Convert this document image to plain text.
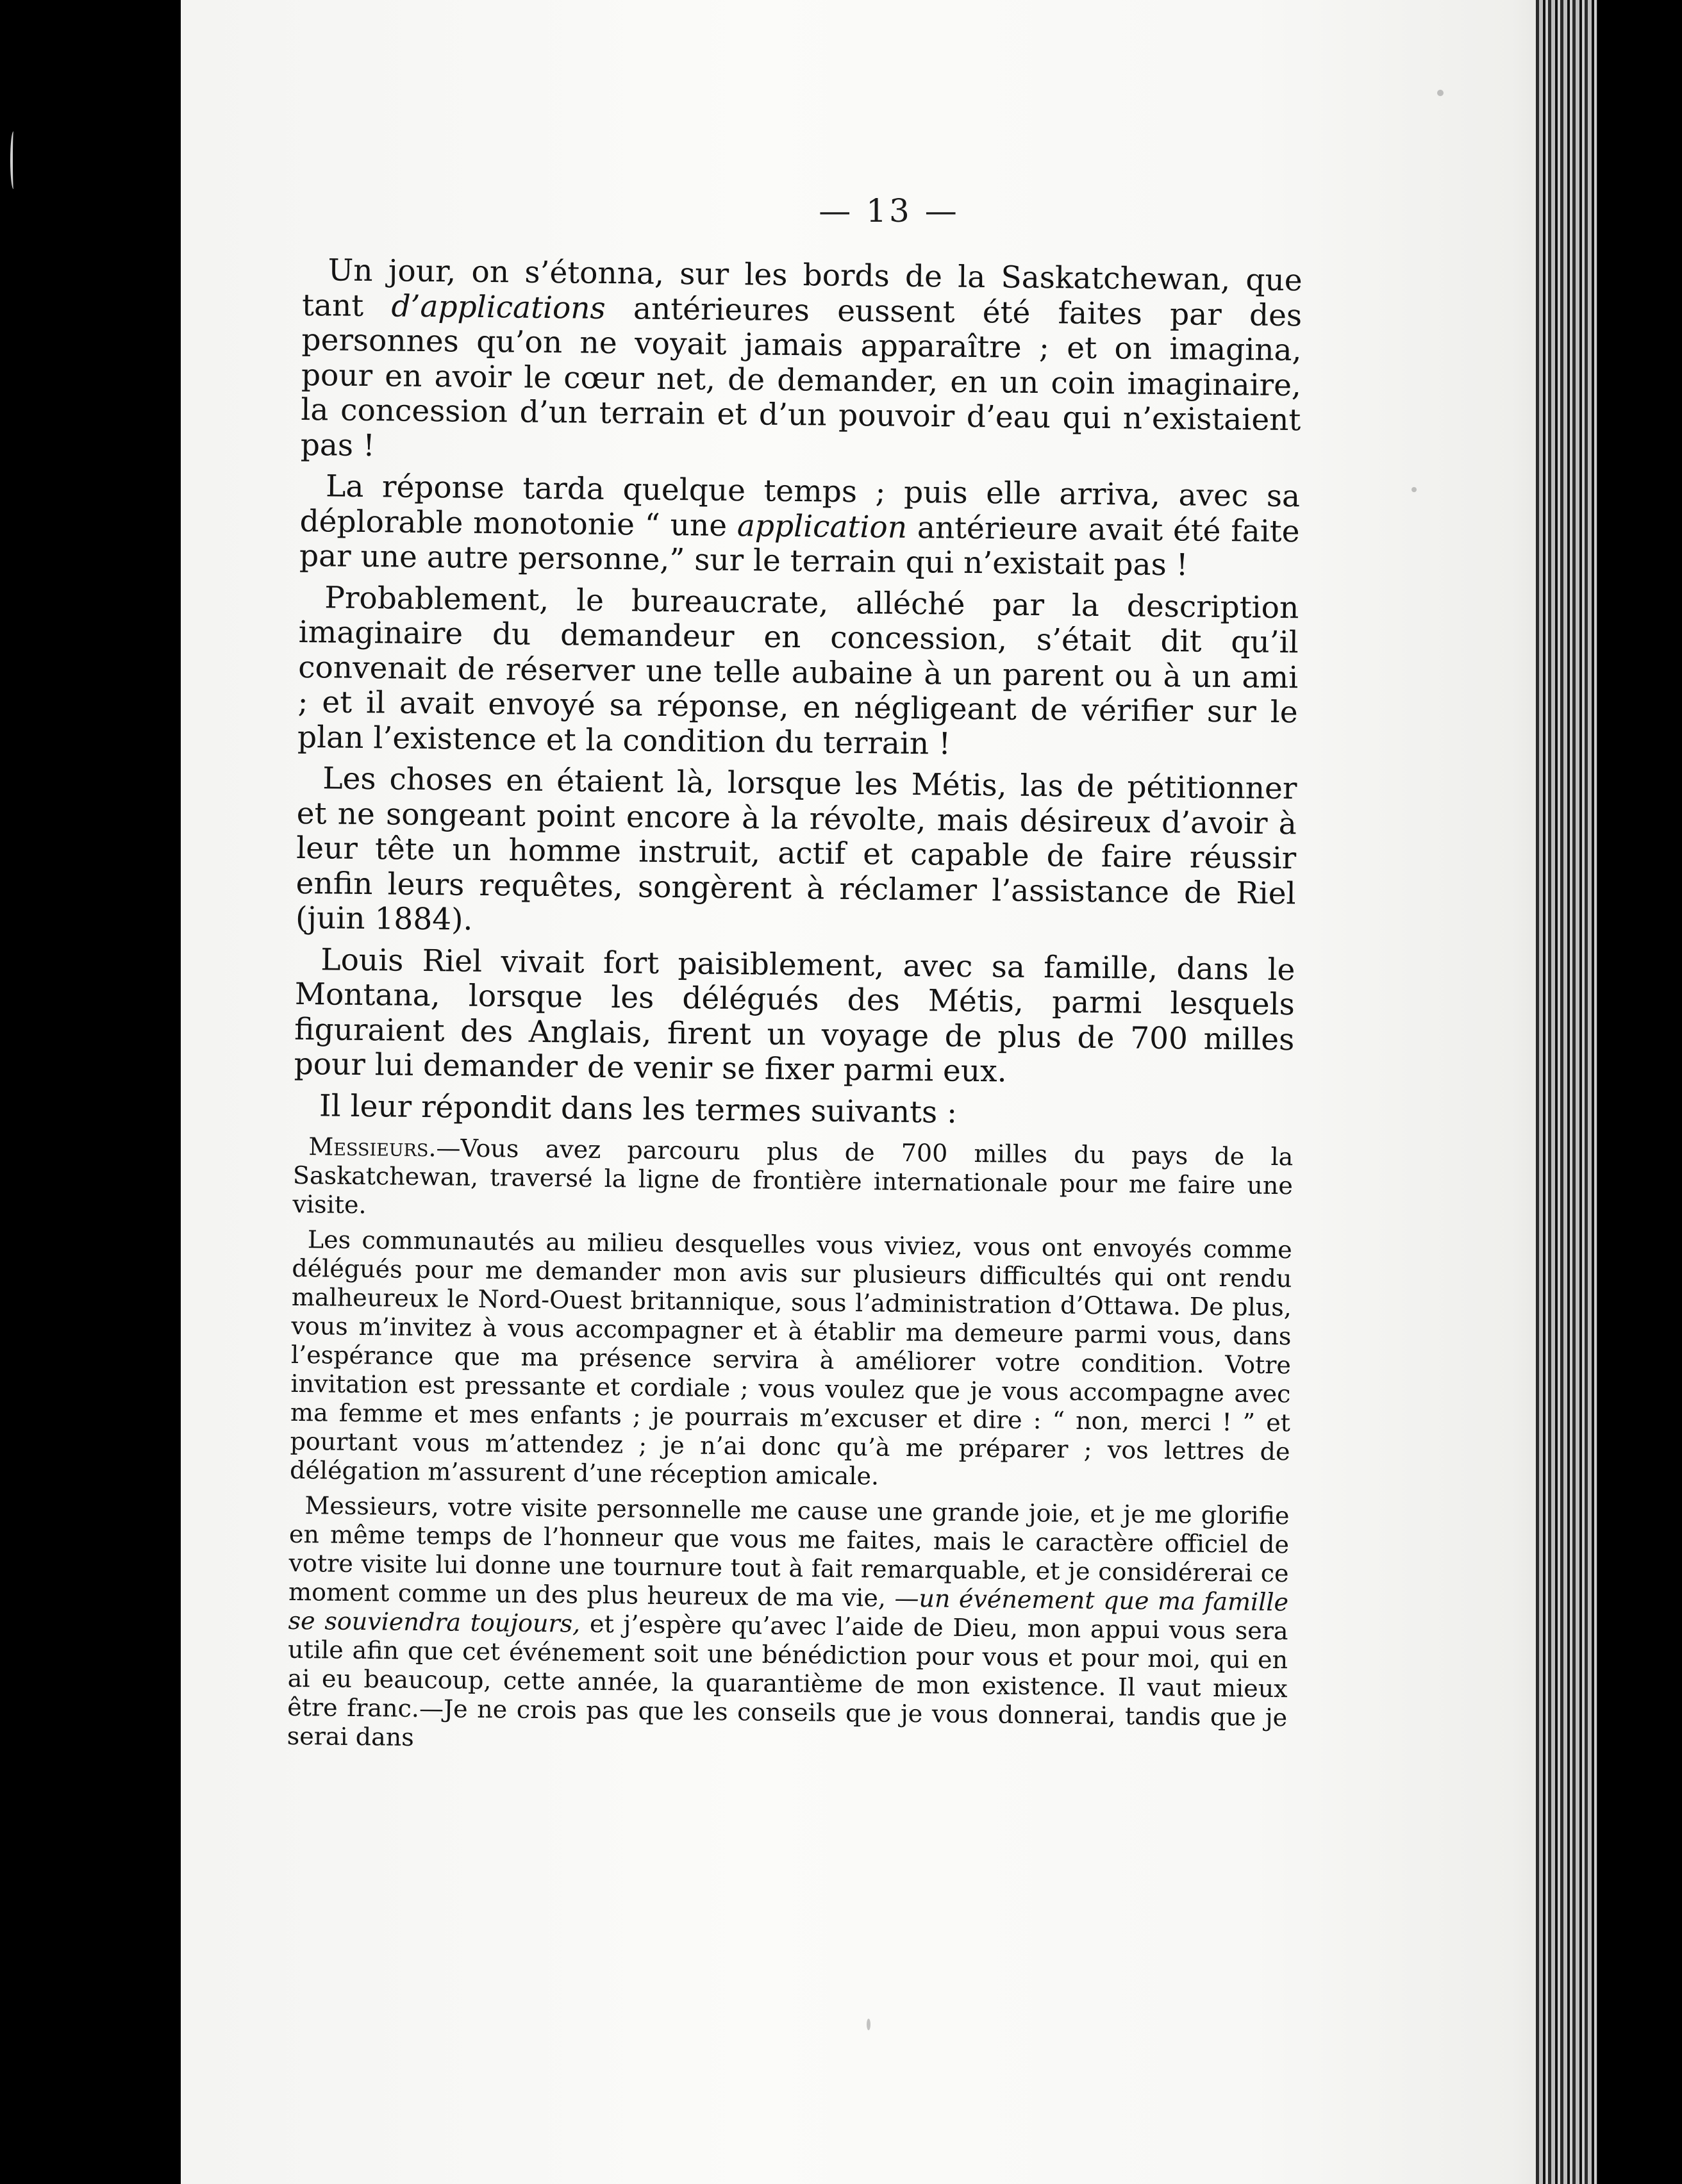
— 13 —

Un jour, on s’étonna, sur les bords de la Saskatchewan, que tant d’applications antérieures eussent été faites par des personnes qu’on ne voyait jamais apparaître ; et on imagina, pour en avoir le cœur net, de demander, en un coin imaginaire, la concession d’un terrain et d’un pouvoir d’eau qui n’existaient pas !

La réponse tarda quelque temps ; puis elle arriva, avec sa déplorable monotonie “ une application antérieure avait été faite par une autre personne,” sur le terrain qui n’existait pas !

Probablement, le bureaucrate, alléché par la description imaginaire du demandeur en concession, s’était dit qu’il convenait de réserver une telle aubaine à un parent ou à un ami ; et il avait envoyé sa réponse, en négligeant de vérifier sur le plan l’existence et la condition du terrain !

Les choses en étaient là, lorsque les Métis, las de pétitionner et ne songeant point encore à la révolte, mais désireux d’avoir à leur tête un homme instruit, actif et capable de faire réussir enfin leurs requêtes, songèrent à réclamer l’assistance de Riel (juin 1884).

Louis Riel vivait fort paisiblement, avec sa famille, dans le Montana, lorsque les délégués des Métis, parmi lesquels figuraient des Anglais, firent un voyage de plus de 700 milles pour lui demander de venir se fixer parmi eux.

Il leur répondit dans les termes suivants :

Messieurs.—Vous avez parcouru plus de 700 milles du pays de la Saskatchewan, traversé la ligne de frontière internationale pour me faire une visite.

Les communautés au milieu desquelles vous viviez, vous ont envoyés comme délégués pour me demander mon avis sur plusieurs difficultés qui ont rendu malheureux le Nord-Ouest britannique, sous l’administration d’Ottawa. De plus, vous m’invitez à vous accompagner et à établir ma demeure parmi vous, dans l’espérance que ma présence servira à améliorer votre condition. Votre invitation est pressante et cordiale ; vous voulez que je vous accompagne avec ma femme et mes enfants ; je pourrais m’excuser et dire : “ non, merci ! ” et pourtant vous m’attendez ; je n’ai donc qu’à me préparer ; vos lettres de délégation m’assurent d’une réception amicale.

Messieurs, votre visite personnelle me cause une grande joie, et je me glorifie en même temps de l’honneur que vous me faites, mais le caractère officiel de votre visite lui donne une tournure tout à fait remarquable, et je considérerai ce moment comme un des plus heureux de ma vie, —un événement que ma famille se souviendra toujours, et j’espère qu’avec l’aide de Dieu, mon appui vous sera utile afin que cet événement soit une bénédiction pour vous et pour moi, qui en ai eu beaucoup, cette année, la quarantième de mon existence. Il vaut mieux être franc.—Je ne crois pas que les conseils que je vous donnerai, tandis que je serai dans
